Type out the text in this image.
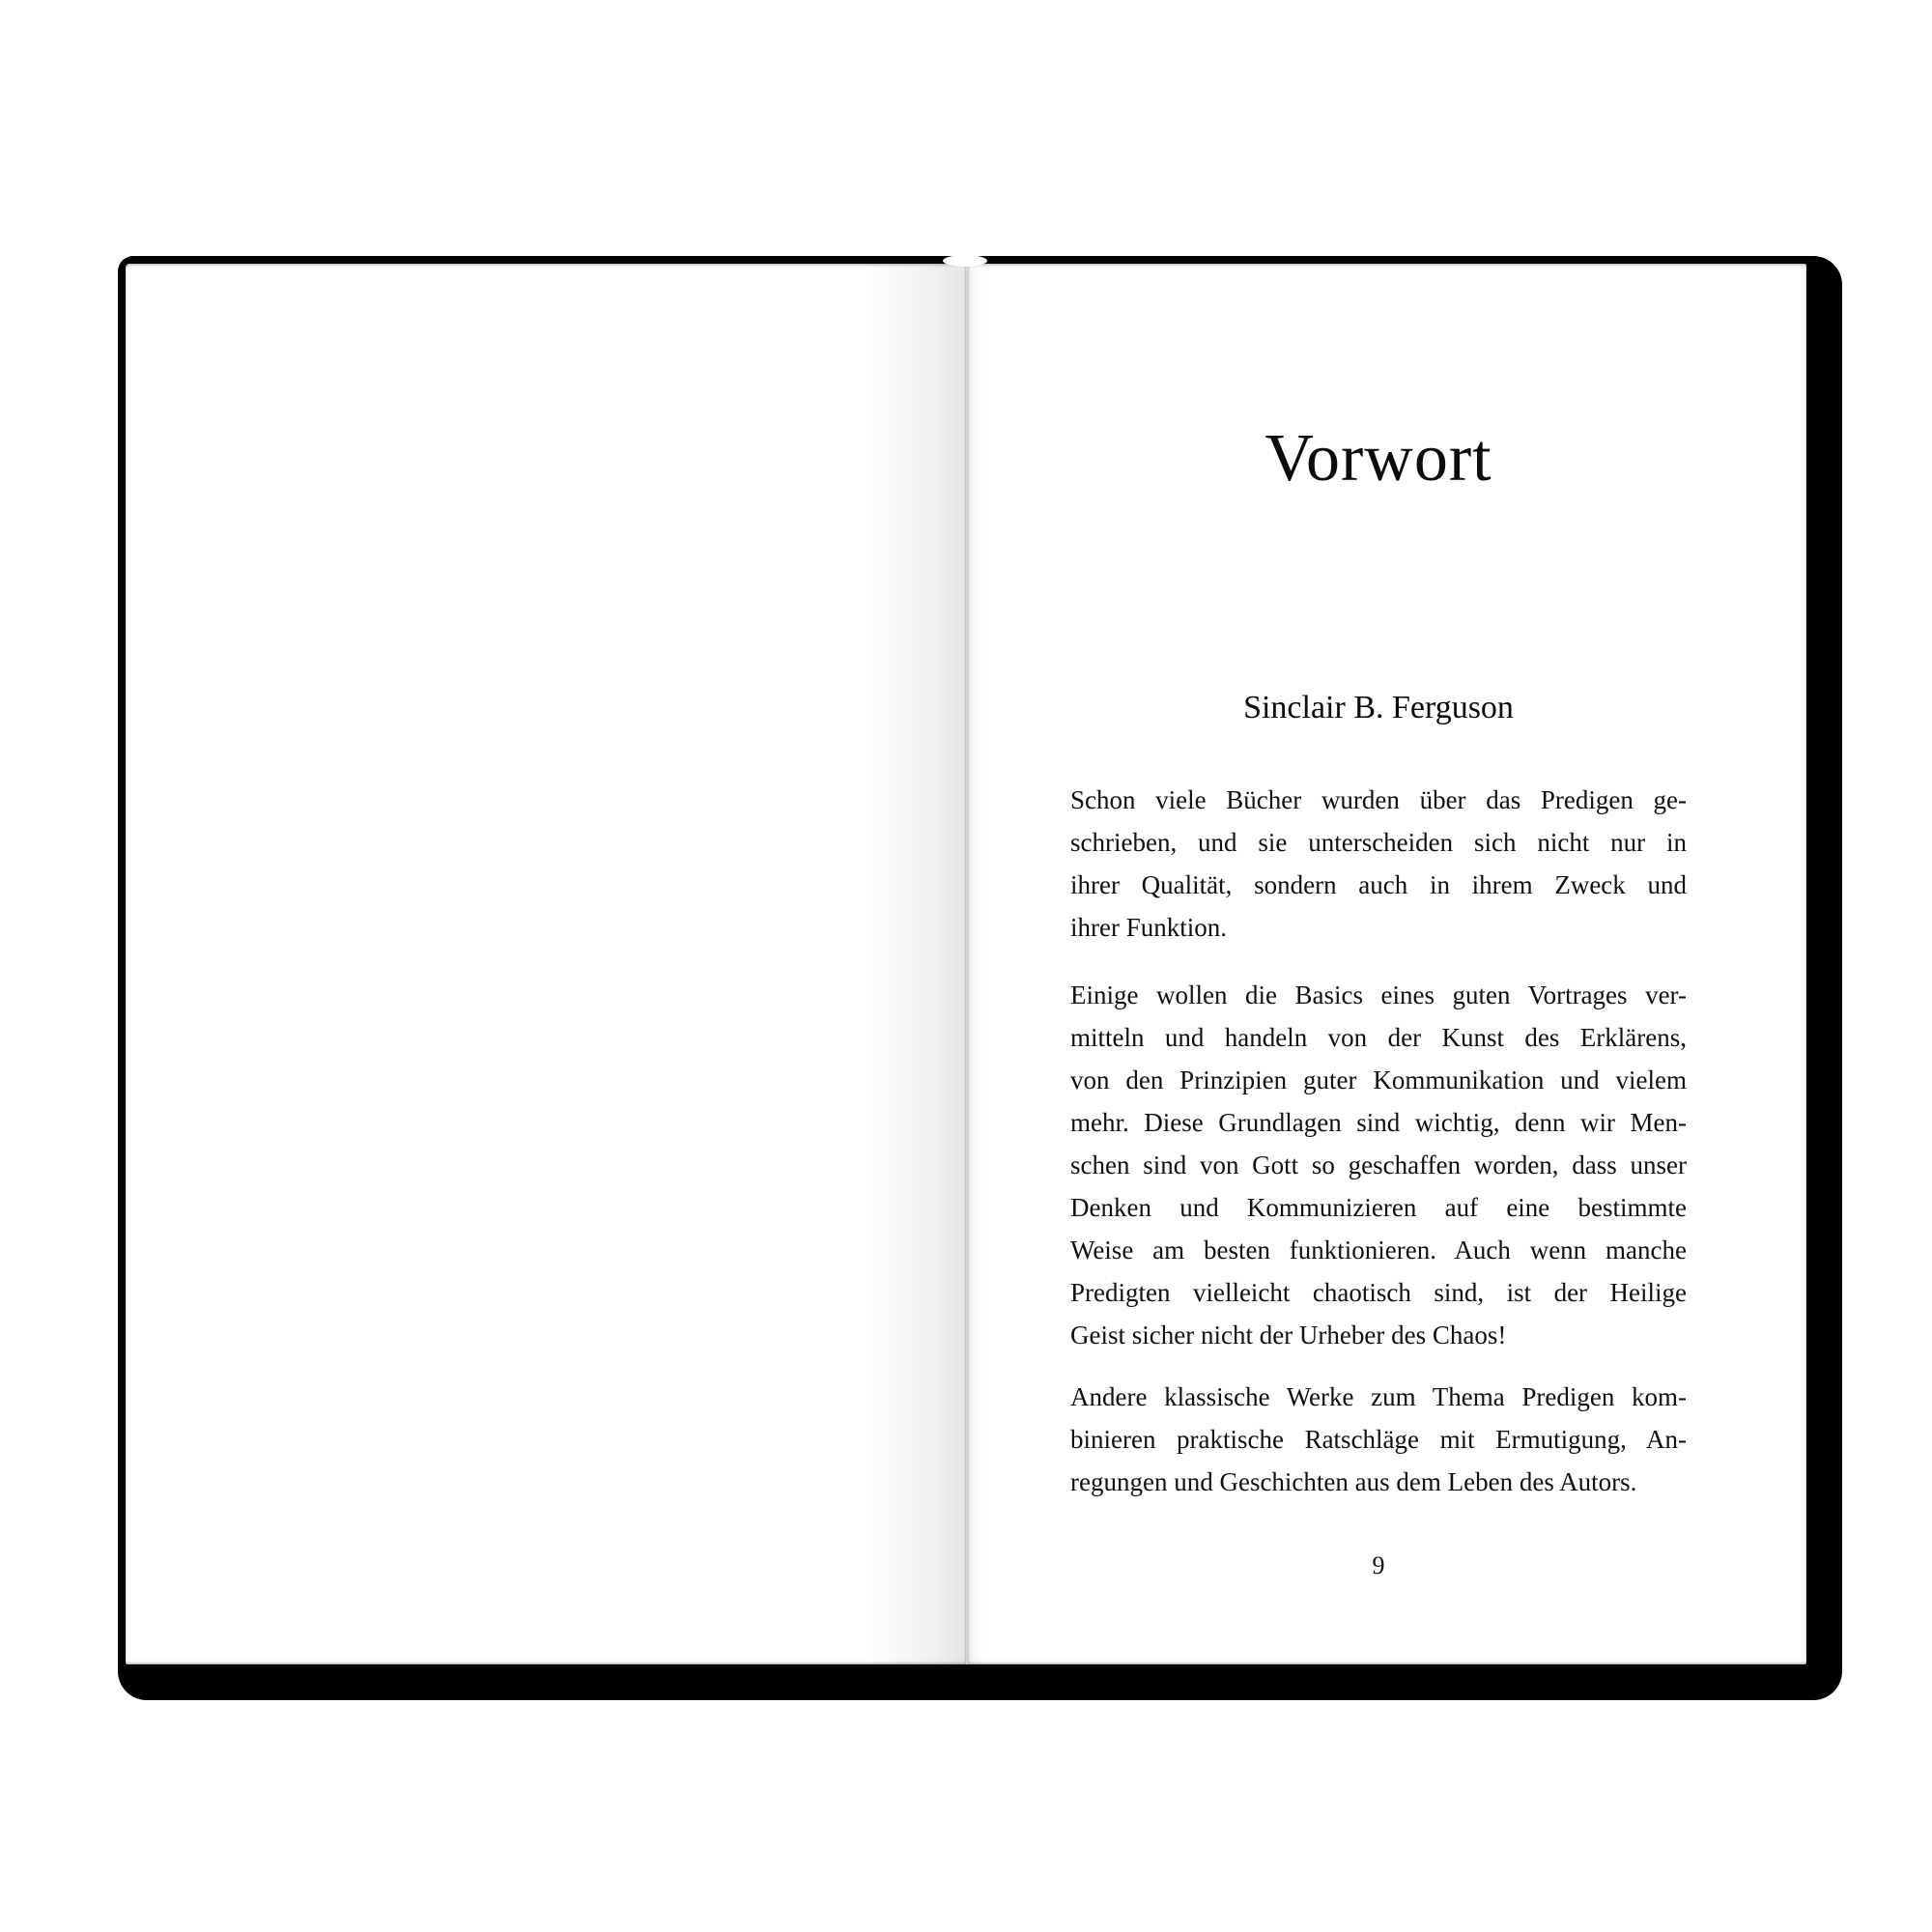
Vorwort
Sinclair B. Ferguson
Schon viele Bücher wurden über das Predigen ge-
schrieben, und sie unterscheiden sich nicht nur in
ihrer Qualität, sondern auch in ihrem Zweck und
ihrer Funktion.
Einige wollen die Basics eines guten Vortrages ver-
mitteln und handeln von der Kunst des Erklärens,
von den Prinzipien guter Kommunikation und vielem
mehr. Diese Grundlagen sind wichtig, denn wir Men-
schen sind von Gott so geschaffen worden, dass unser
Denken und Kommunizieren auf eine bestimmte
Weise am besten funktionieren. Auch wenn manche
Predigten vielleicht chaotisch sind, ist der Heilige
Geist sicher nicht der Urheber des Chaos!
Andere klassische Werke zum Thema Predigen kom-
binieren praktische Ratschläge mit Ermutigung, An-
regungen und Geschichten aus dem Leben des Autors.
9
